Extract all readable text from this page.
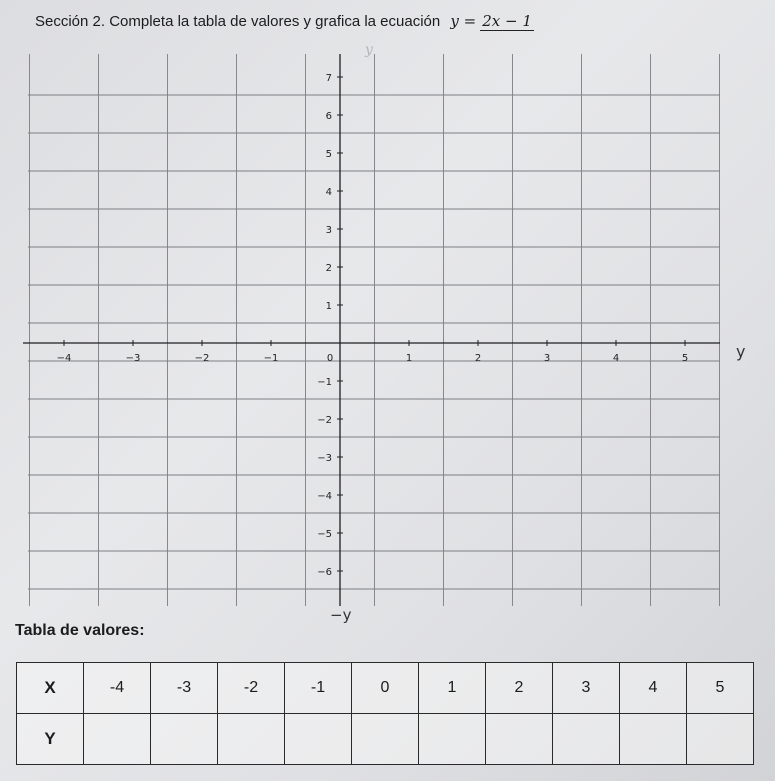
Sección 2. Completa la tabla de valores y grafica la ecuación y = 2x − 1
−4	−3	−2	−1	0	1	2	3	4	5
7
6
5
4
3
2
1
−1
−2
−3
−4
−5
−6
y
y
−y
Tabla de valores:
X	-4	-3	-2	-1	0	1	2	3	4	5
Y										
